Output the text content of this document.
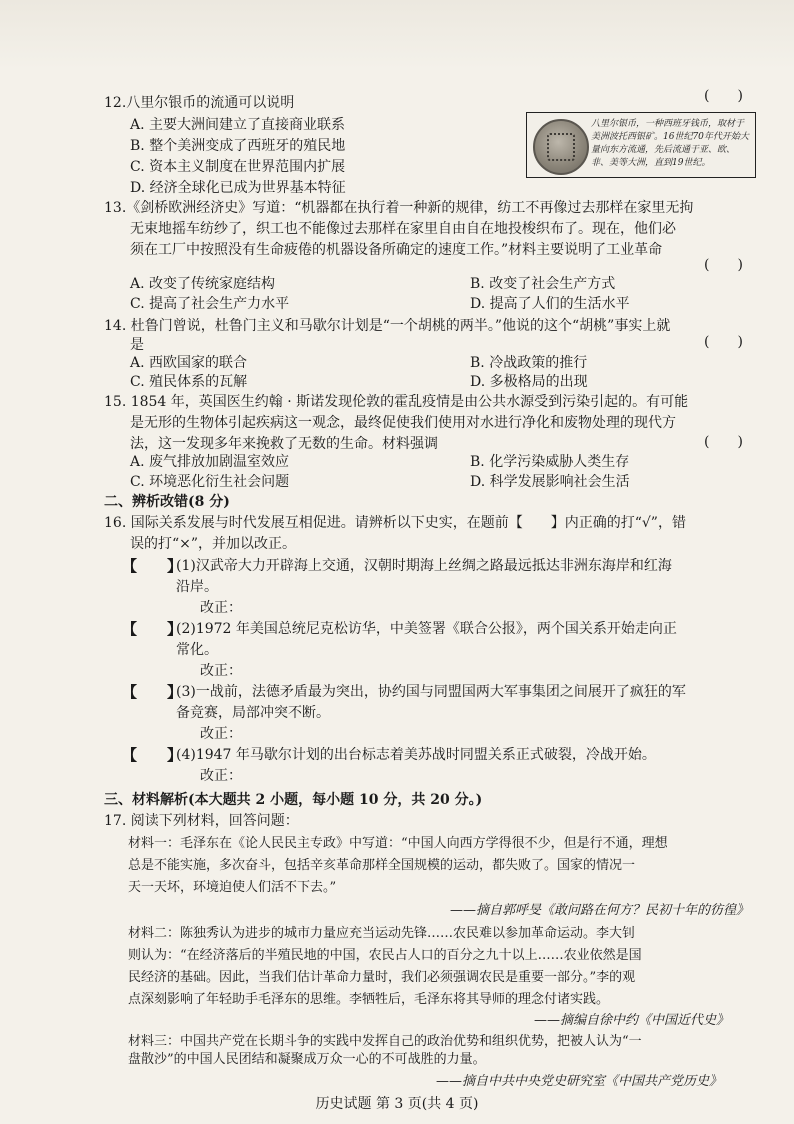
12.八里尔银币的流通可以说明	(　　)
A. 主要大洲间建立了直接商业联系
B. 整个美洲变成了西班牙的殖民地
C. 资本主义制度在世界范围内扩展
D. 经济全球化已成为世界基本特征
八里尔银币，一种西班牙钱币，取材于美洲波托西银矿。16世纪70年代开始大量向东方流通，先后流通于亚、欧、非、美等大洲，直到19世纪。
13.《剑桥欧洲经济史》写道：“机器都在执行着一种新的规律，纺工不再像过去那样在家里无拘
无束地摇车纺纱了，织工也不能像过去那样在家里自由自在地投梭织布了。现在，他们必
须在工厂中按照没有生命疲倦的机器设备所确定的速度工作。”材料主要说明了工业革命
(　　)
A. 改变了传统家庭结构	B. 改变了社会生产方式
C. 提高了社会生产力水平	D. 提高了人们的生活水平
14. 杜鲁门曾说，杜鲁门主义和马歇尔计划是“一个胡桃的两半。”他说的这个“胡桃”事实上就
是	(　　)
A. 西欧国家的联合	B. 冷战政策的推行
C. 殖民体系的瓦解	D. 多极格局的出现
15. 1854 年，英国医生约翰 · 斯诺发现伦敦的霍乱疫情是由公共水源受到污染引起的。有可能
是无形的生物体引起疾病这一观念，最终促使我们使用对水进行净化和废物处理的现代方
法，这一发现多年来挽救了无数的生命。材料强调	(　　)
A. 废气排放加剧温室效应	B. 化学污染威胁人类生存
C. 环境恶化衍生社会问题	D. 科学发展影响社会生活
二、辨析改错(8 分)
16. 国际关系发展与时代发展互相促进。请辨析以下史实，在题前【　　】内正确的打“√”，错
误的打“×”，并加以改正。
【　　】
(1)汉武帝大力开辟海上交通，汉朝时期海上丝绸之路最远抵达非洲东海岸和红海
沿岸。
改正：
【　　】
(2)1972 年美国总统尼克松访华，中美签署《联合公报》，两个国关系开始走向正
常化。
改正：
【　　】
(3)一战前，法德矛盾最为突出，协约国与同盟国两大军事集团之间展开了疯狂的军
备竞赛，局部冲突不断。
改正：
【　　】
(4)1947 年马歇尔计划的出台标志着美苏战时同盟关系正式破裂，冷战开始。
改正：
三、材料解析(本大题共 2 小题，每小题 10 分，共 20 分。)
17. 阅读下列材料，回答问题：
材料一：毛泽东在《论人民民主专政》中写道：“中国人向西方学得很不少，但是行不通，理想
总是不能实施，多次奋斗，包括辛亥革命那样全国规模的运动，都失败了。国家的情况一
天一天坏，环境迫使人们活不下去。”
——摘自郭呼旻《敢问路在何方？民初十年的彷徨》
材料二：陈独秀认为进步的城市力量应充当运动先锋……农民难以参加革命运动。李大钊
则认为：“在经济落后的半殖民地的中国，农民占人口的百分之九十以上……农业依然是国
民经济的基础。因此，当我们估计革命力量时，我们必须强调农民是重要一部分。”李的观
点深刻影响了年轻助手毛泽东的思维。李牺牲后，毛泽东将其导师的理念付诸实践。
——摘编自徐中约《中国近代史》
材料三：中国共产党在长期斗争的实践中发挥自己的政治优势和组织优势，把被人认为“一
盘散沙”的中国人民团结和凝聚成万众一心的不可战胜的力量。
——摘自中共中央党史研究室《中国共产党历史》
历史试题 第 3 页(共 4 页)
